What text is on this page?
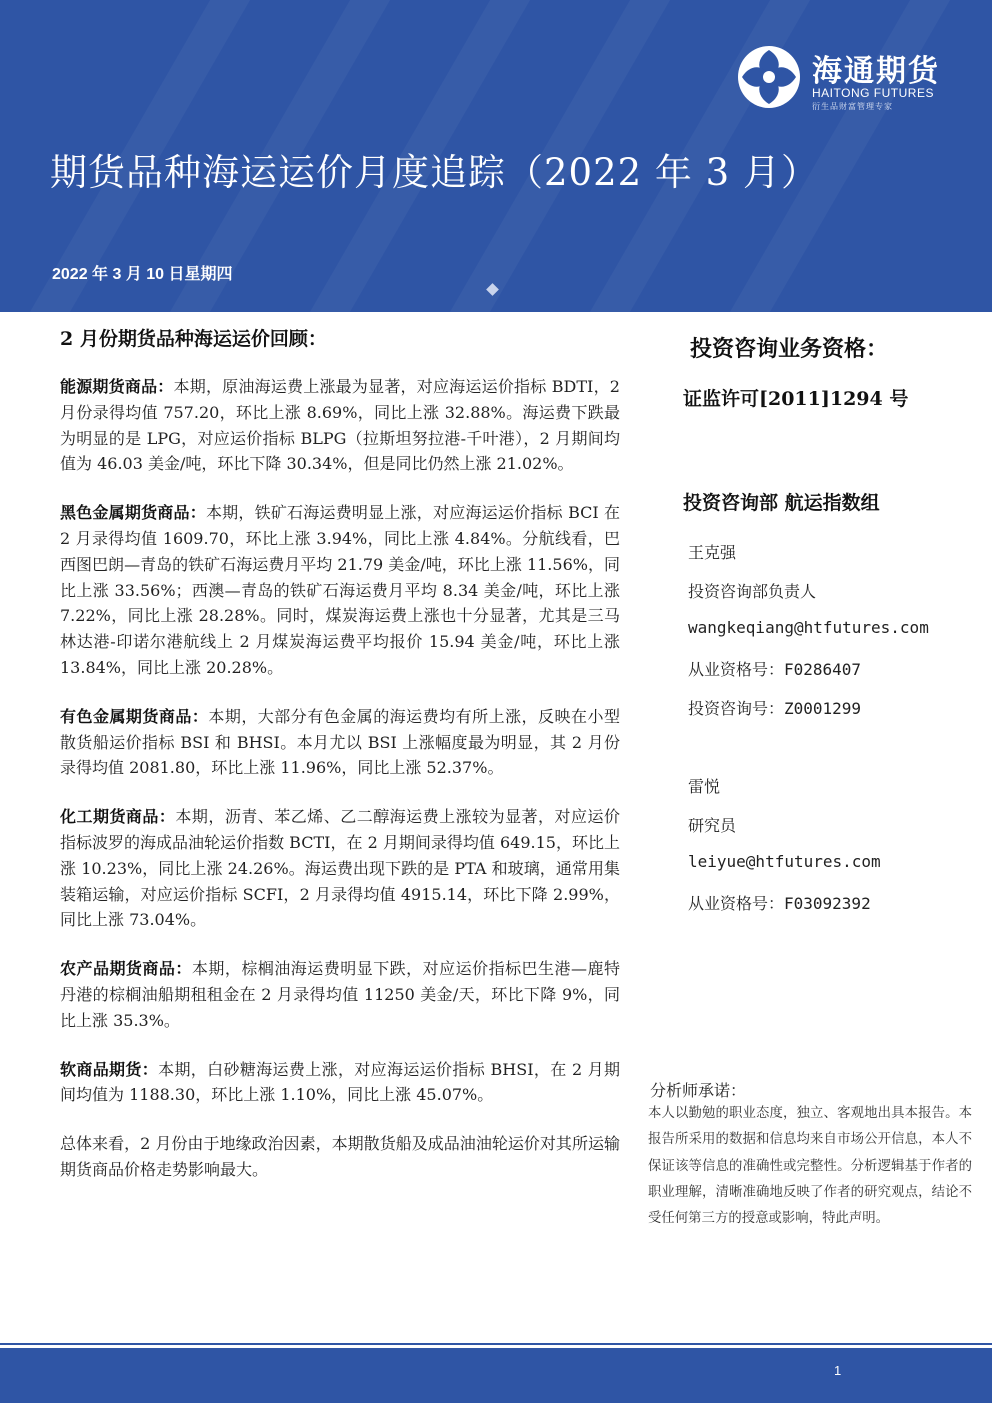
海通期货
HAITONG FUTURES
衍生品财富管理专家
期货品种海运运价月度追踪（2022 年 3 月）
2022 年 3 月 10 日星期四
2 月份期货品种海运运价回顾：

能源期货商品：本期，原油海运费上涨最为显著，对应海运运价指标 BDTI，2 月份录得均值 757.20，环比上涨 8.69%，同比上涨 32.88%。海运费下跌最为明显的是 LPG，对应运价指标 BLPG（拉斯坦努拉港-千叶港），2 月期间均值为 46.03 美金/吨，环比下降 30.34%，但是同比仍然上涨 21.02%。

黑色金属期货商品：本期，铁矿石海运费明显上涨，对应海运运价指标 BCI 在 2 月录得均值 1609.70，环比上涨 3.94%，同比上涨 4.84%。分航线看，巴西图巴朗—青岛的铁矿石海运费月平均 21.79 美金/吨，环比上涨 11.56%，同比上涨 33.56%；西澳—青岛的铁矿石海运费月平均 8.34 美金/吨，环比上涨 7.22%，同比上涨 28.28%。同时，煤炭海运费上涨也十分显著，尤其是三马林达港-印诺尔港航线上 2 月煤炭海运费平均报价 15.94 美金/吨，环比上涨 13.84%，同比上涨 20.28%。

有色金属期货商品：本期，大部分有色金属的海运费均有所上涨，反映在小型散货船运价指标 BSI 和 BHSI。本月尤以 BSI 上涨幅度最为明显，其 2 月份录得均值 2081.80，环比上涨 11.96%，同比上涨 52.37%。

化工期货商品：本期，沥青、苯乙烯、乙二醇海运费上涨较为显著，对应运价指标波罗的海成品油轮运价指数 BCTI，在 2 月期间录得均值 649.15，环比上涨 10.23%，同比上涨 24.26%。海运费出现下跌的是 PTA 和玻璃，通常用集装箱运输，对应运价指标 SCFI，2 月录得均值 4915.14，环比下降 2.99%，同比上涨 73.04%。

农产品期货商品：本期，棕榈油海运费明显下跌，对应运价指标巴生港—鹿特丹港的棕榈油船期租租金在 2 月录得均值 11250 美金/天，环比下降 9%，同比上涨 35.3%。

软商品期货：本期，白砂糖海运费上涨，对应海运运价指标 BHSI，在 2 月期间均值为 1188.30，环比上涨 1.10%，同比上涨 45.07%。

总体来看，2 月份由于地缘政治因素，本期散货船及成品油油轮运价对其所运输期货商品价格走势影响最大。

投资咨询业务资格：
证监许可[2011]1294 号
投资咨询部 航运指数组
王克强
投资咨询部负责人
wangkeqiang@htfutures.com
从业资格号：F0286407
投资咨询号：Z0001299
雷悦
研究员
leiyue@htfutures.com
从业资格号：F03092392
分析师承诺：
本人以勤勉的职业态度，独立、客观地出具本报告。本报告所采用的数据和信息均来自市场公开信息，本人不保证该等信息的准确性或完整性。分析逻辑基于作者的职业理解，清晰准确地反映了作者的研究观点，结论不受任何第三方的授意或影响，特此声明。
1
